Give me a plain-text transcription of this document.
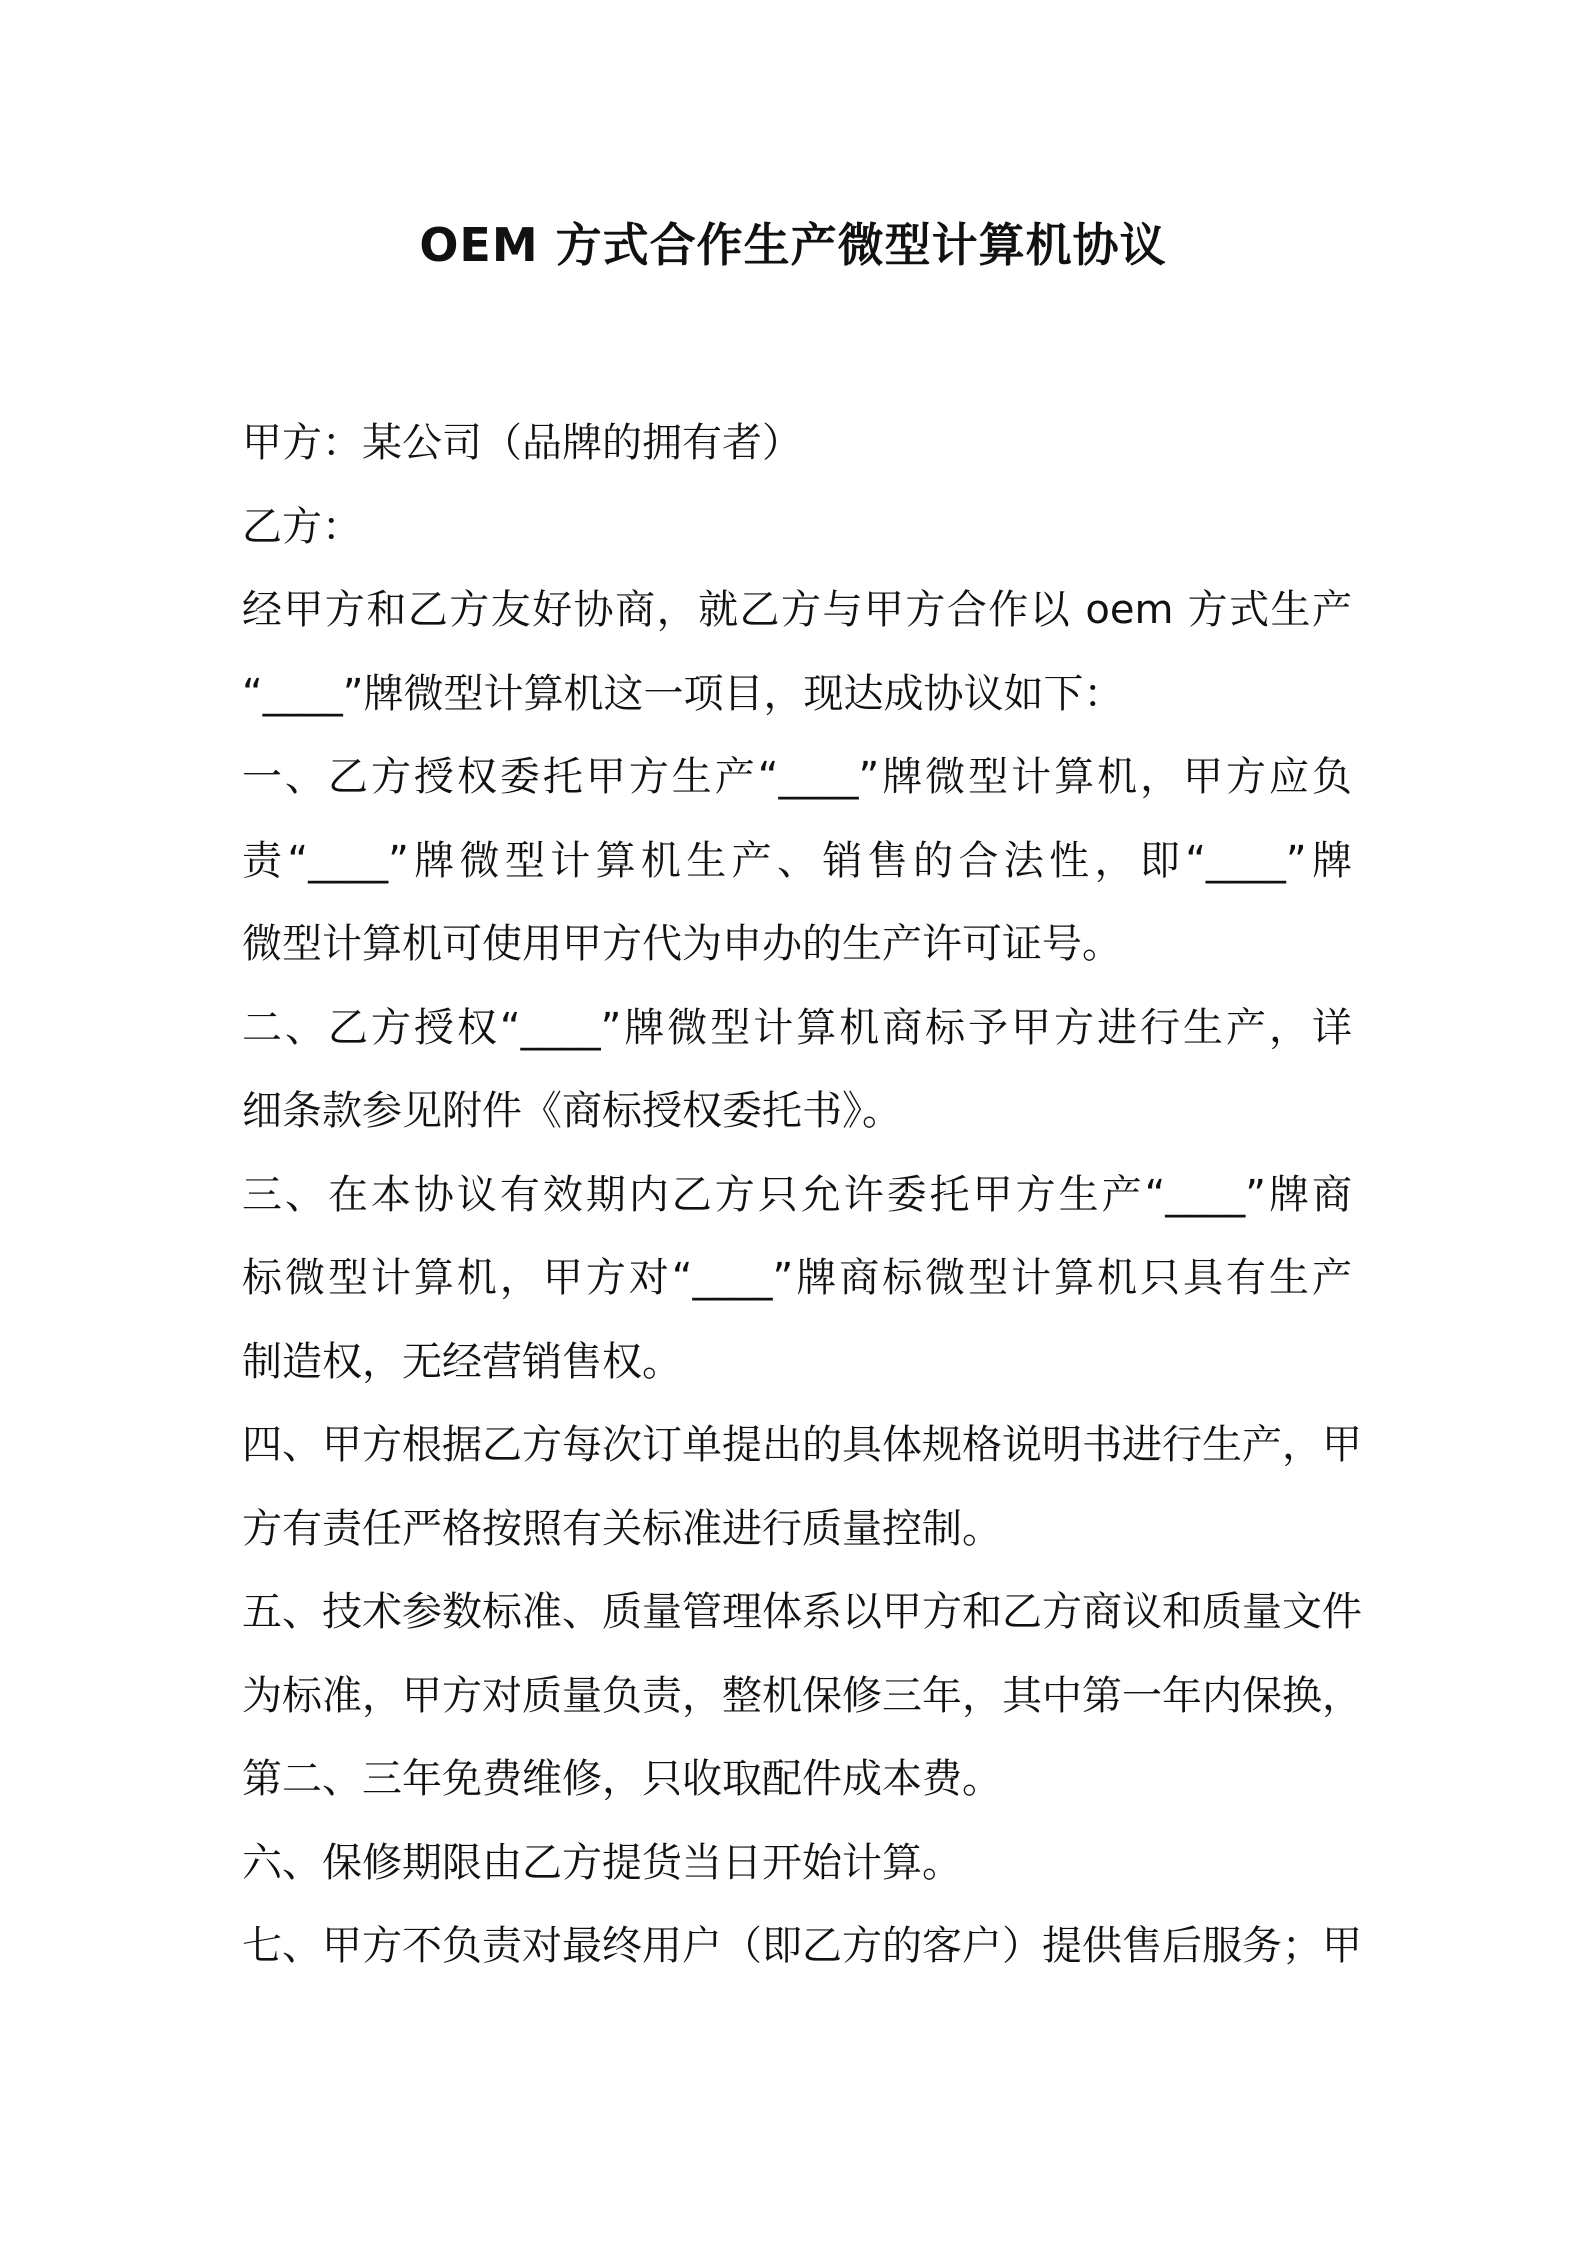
OEM 方式合作生产微型计算机协议
甲方：某公司（品牌的拥有者）
乙方：
经甲方和乙方友好协商，就乙方与甲方合作以 oem 方式生产
“____”牌微型计算机这一项目，现达成协议如下：
一、乙方授权委托甲方生产“____”牌微型计算机，甲方应负
责“____”牌微型计算机生产、销售的合法性，即“____”牌
微型计算机可使用甲方代为申办的生产许可证号。
二、乙方授权“____”牌微型计算机商标予甲方进行生产，详
细条款参见附件《商标授权委托书》。
三、在本协议有效期内乙方只允许委托甲方生产“____”牌商
标微型计算机，甲方对“____”牌商标微型计算机只具有生产
制造权，无经营销售权。
四、甲方根据乙方每次订单提出的具体规格说明书进行生产，甲
方有责任严格按照有关标准进行质量控制。
五、技术参数标准、质量管理体系以甲方和乙方商议和质量文件
为标准，甲方对质量负责，整机保修三年，其中第一年内保换，
第二、三年免费维修，只收取配件成本费。
六、保修期限由乙方提货当日开始计算。
七、甲方不负责对最终用户（即乙方的客户）提供售后服务；甲
